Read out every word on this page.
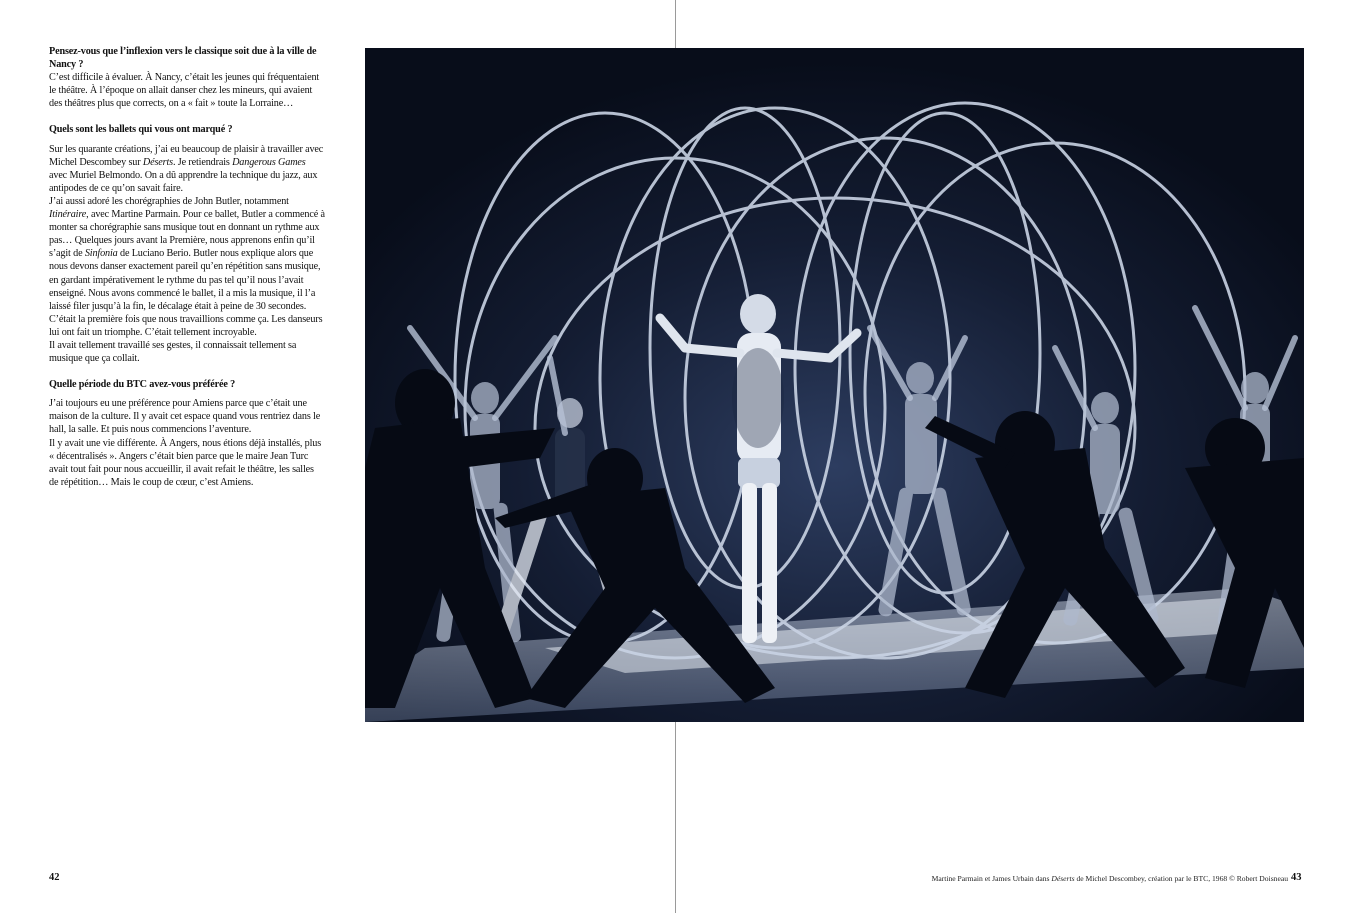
Pensez-vous que l’inflexion vers le classique soit due à la ville de Nancy ?

C’est difficile à évaluer. À Nancy, c’était les jeunes qui fréquentaient le théâtre. À l’époque on allait danser chez les mineurs, qui avaient des théâtres plus que corrects, on a « fait » toute la Lorraine…

Quels sont les ballets qui vous ont marqué ?

Sur les quarante créations, j’ai eu beaucoup de plaisir à travailler avec Michel Descombey sur Déserts. Je retiendrais Dangerous Games avec Muriel Belmondo. On a dû apprendre la technique du jazz, aux antipodes de ce qu’on savait faire.

J’ai aussi adoré les chorégraphies de John Butler, notamment Itinéraire, avec Martine Parmain. Pour ce ballet, Butler a commencé à monter sa chorégraphie sans musique tout en donnant un rythme aux pas… Quelques jours avant la Première, nous apprenons enfin qu’il s’agit de Sinfonia de Luciano Berio. Butler nous explique alors que nous devons danser exactement pareil qu’en répétition sans musique, en gardant impérativement le rythme du pas tel qu’il nous l’avait enseigné. Nous avons commencé le ballet, il a mis la musique, il l’a laissé filer jusqu’à la fin, le décalage était à peine de 30 secondes. C’était la première fois que nous travaillions comme ça. Les danseurs lui ont fait un triomphe. C’était tellement incroyable.

Il avait tellement travaillé ses gestes, il connaissait tellement sa musique que ça collait.

Quelle période du BTC avez-vous préférée ?

J’ai toujours eu une préférence pour Amiens parce que c’était une maison de la culture. Il y avait cet espace quand vous rentriez dans le hall, la salle. Et puis nous commencions l’aventure.

Il y avait une vie différente. À Angers, nous étions déjà installés, plus « décentralisés ». Angers c’était bien parce que le maire Jean Turc avait tout fait pour nous accueillir, il avait refait le théâtre, les salles de répétition… Mais le coup de cœur, c’est Amiens.

42	Martine Parmain et James Urbain dans Déserts de Michel Descombey, création par le BTC, 1968 © Robert Doisneau 43
